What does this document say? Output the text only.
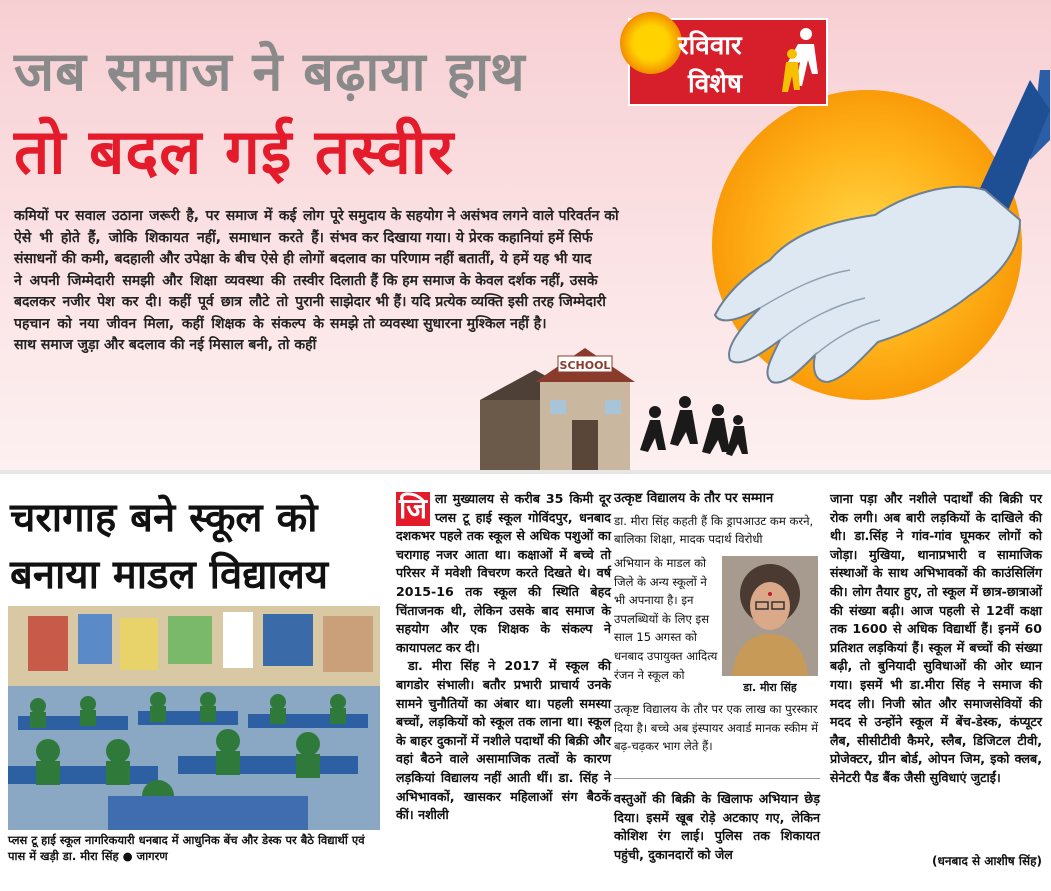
SCHOOL
जब समाज ने बढ़ाया हाथ
तो बदल गई तस्वीर
रविवार
विशेष
कमियों पर सवाल उठाना जरूरी है, पर समाज में कई लोग ऐसे भी होते हैं, जोकि शिकायत नहीं, समाधान करते हैं। संसाधनों की कमी, बदहाली और उपेक्षा के बीच ऐसे ही लोगों ने अपनी जिम्मेदारी समझी और शिक्षा व्यवस्था की तस्वीर बदलकर नजीर पेश कर दी। कहीं पूर्व छात्र लौटे तो पुरानी पहचान को नया जीवन मिला, कहीं शिक्षक के संकल्प के साथ समाज जुड़ा और बदलाव की नई मिसाल बनी, तो कहीं
पूरे समुदाय के सहयोग ने असंभव लगने वाले परिवर्तन को संभव कर दिखाया गया। ये प्रेरक कहानियां हमें सिर्फ बदलाव का परिणाम नहीं बतातीं, ये हमें यह भी याद दिलाती हैं कि हम समाज के केवल दर्शक नहीं, उसके साझेदार भी हैं। यदि प्रत्येक व्यक्ति इसी तरह जिम्मेदारी समझे तो व्यवस्था सुधारना मुश्किल नहीं है।
चरागाह बने स्कूल को
बनाया माडल विद्यालय
प्लस टू हाई स्कूल नागरिकयारी धनबाद में आधुनिक बेंच और डेस्क पर बैठे विद्यार्थी एवं पास में खड़ी डा. मीरा सिंह ● जागरण

जि ला मुख्यालय से करीब 35 किमी दूर प्लस टू हाई स्कूल गोविंदपुर, धनबाद दशकभर पहले तक स्कूल से अधिक पशुओं का चरागाह नजर आता था। कक्षाओं में बच्चे तो परिसर में मवेशी विचरण करते दिखते थे। वर्ष 2015-16 तक स्कूल की स्थिति बेहद चिंताजनक थी, लेकिन उसके बाद समाज के सहयोग और एक शिक्षक के संकल्प ने कायापलट कर दी।

डा. मीरा सिंह ने 2017 में स्कूल की बागडोर संभाली। बतौर प्रभारी प्राचार्य उनके सामने चुनौतियों का अंबार था। पहली समस्या बच्चों, लड़कियों को स्कूल तक लाना था। स्कूल के बाहर दुकानों में नशीले पदार्थों की बिक्री और वहां बैठने वाले असामाजिक तत्वों के कारण लड़कियां विद्यालय नहीं आती थीं। डा. सिंह ने अभिभावकों, खासकर महिलाओं संग बैठकें कीं। नशीली

उत्कृष्ट विद्यालय के तौर पर सम्मान
डा. मीरा सिंह कहती हैं कि ड्रापआउट कम करने, बालिका शिक्षा, मादक पदार्थ विरोधी
अभियान के माडल को जिले के अन्य स्कूलों ने भी अपनाया है। इन उपलब्धियों के लिए इस साल 15 अगस्त को धनबाद उपायुक्त आदित्य रंजन ने स्कूल को
डा. मीरा सिंह
उत्कृष्ट विद्यालय के तौर पर एक लाख का पुरस्कार दिया है। बच्चे अब इंस्पायर अवार्ड मानक स्कीम में बढ़-चढ़कर भाग लेते हैं।
वस्तुओं की बिक्री के खिलाफ अभियान छेड़ दिया। इसमें खूब रोड़े अटकाए गए, लेकिन कोशिश रंग लाई। पुलिस तक शिकायत पहुंची, दुकानदारों को जेल
जाना पड़ा और नशीले पदार्थों की बिक्री पर रोक लगी। अब बारी लड़कियों के दाखिले की थी। डा.सिंह ने गांव-गांव घूमकर लोगों को जोड़ा। मुखिया, थानाप्रभारी व सामाजिक संस्थाओं के साथ अभिभावकों की काउंसिलिंग की। लोग तैयार हुए, तो स्कूल में छात्र-छात्राओं की संख्या बढ़ी। आज पहली से 12वीं कक्षा तक 1600 से अधिक विद्यार्थी हैं। इनमें 60 प्रतिशत लड़कियां हैं। स्कूल में बच्चों की संख्या बढ़ी, तो बुनियादी सुविधाओं की ओर ध्यान गया। इसमें भी डा.मीरा सिंह ने समाज की मदद ली। निजी स्रोत और समाजसेवियों की मदद से उन्होंने स्कूल में बेंच-डेस्क, कंप्यूटर लैब, सीसीटीवी कैमरे, स्लैब, डिजिटल टीवी, प्रोजेक्टर, ग्रीन बोर्ड, ओपन जिम, इको क्लब, सेनेटरी पैड बैंक जैसी सुविधाएं जुटाईं।
(धनबाद से आशीष सिंह)
